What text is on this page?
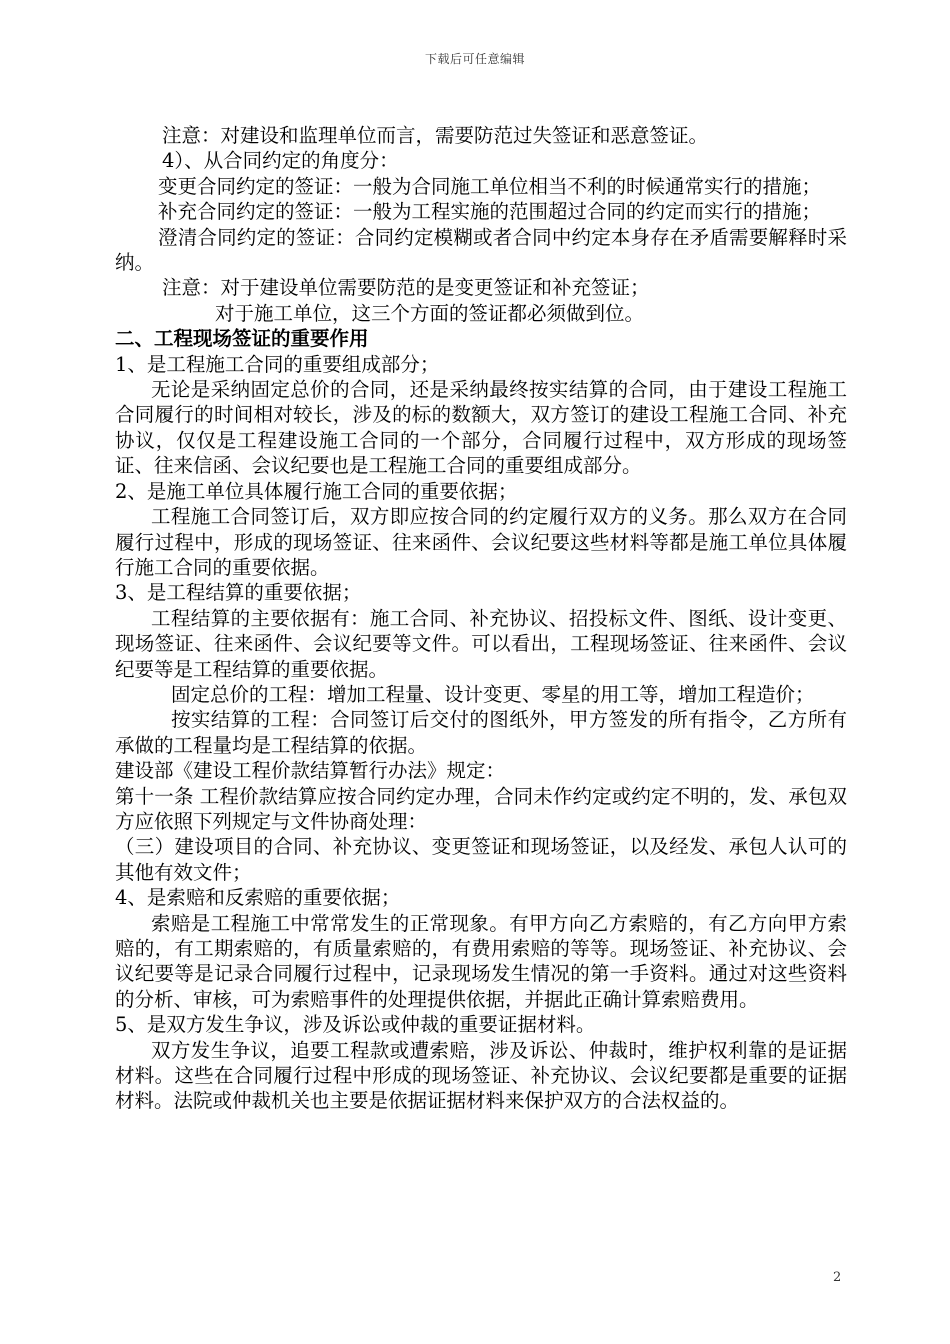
下载后可任意编辑

注意：对建设和监理单位而言，需要防范过失签证和恶意签证。

4）、从合同约定的角度分：

变更合同约定的签证：一般为合同施工单位相当不利的时候通常实行的措施；

补充合同约定的签证：一般为工程实施的范围超过合同的约定而实行的措施；

澄清合同约定的签证：合同约定模糊或者合同中约定本身存在矛盾需要解释时采纳。

注意：对于建设单位需要防范的是变更签证和补充签证；

对于施工单位，这三个方面的签证都必须做到位。

二、工程现场签证的重要作用

1、是工程施工合同的重要组成部分；

无论是采纳固定总价的合同，还是采纳最终按实结算的合同，由于建设工程施工合同履行的时间相对较长，涉及的标的数额大，双方签订的建设工程施工合同、补充协议，仅仅是工程建设施工合同的一个部分，合同履行过程中，双方形成的现场签证、往来信函、会议纪要也是工程施工合同的重要组成部分。

2、是施工单位具体履行施工合同的重要依据；

工程施工合同签订后，双方即应按合同的约定履行双方的义务。那么双方在合同履行过程中，形成的现场签证、往来函件、会议纪要这些材料等都是施工单位具体履行施工合同的重要依据。

3、是工程结算的重要依据；

工程结算的主要依据有：施工合同、补充协议、招投标文件、图纸、设计变更、现场签证、往来函件、会议纪要等文件。可以看出，工程现场签证、往来函件、会议纪要等是工程结算的重要依据。

固定总价的工程：增加工程量、设计变更、零星的用工等，增加工程造价；

按实结算的工程：合同签订后交付的图纸外，甲方签发的所有指令，乙方所有承做的工程量均是工程结算的依据。

建设部《建设工程价款结算暂行办法》规定：

第十一条 工程价款结算应按合同约定办理，合同未作约定或约定不明的，发、承包双方应依照下列规定与文件协商处理：

（三）建设项目的合同、补充协议、变更签证和现场签证，以及经发、承包人认可的其他有效文件；

4、是索赔和反索赔的重要依据；

索赔是工程施工中常常发生的正常现象。有甲方向乙方索赔的，有乙方向甲方索赔的，有工期索赔的，有质量索赔的，有费用索赔的等等。现场签证、补充协议、会议纪要等是记录合同履行过程中，记录现场发生情况的第一手资料。通过对这些资料的分析、审核，可为索赔事件的处理提供依据，并据此正确计算索赔费用。

5、是双方发生争议，涉及诉讼或仲裁的重要证据材料。

双方发生争议，追要工程款或遭索赔，涉及诉讼、仲裁时，维护权利靠的是证据材料。这些在合同履行过程中形成的现场签证、补充协议、会议纪要都是重要的证据材料。法院或仲裁机关也主要是依据证据材料来保护双方的合法权益的。

2
